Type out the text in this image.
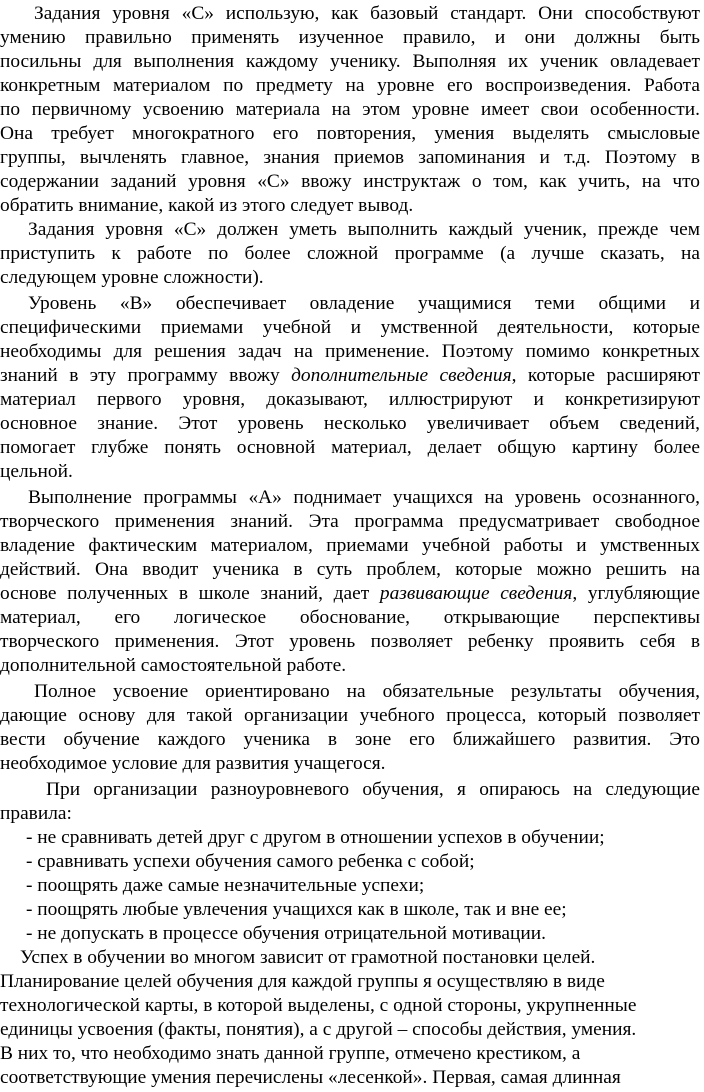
Задания уровня «С» использую, как базовый стандарт. Они способствуют
умению правильно применять изученное правило, и они должны быть
посильны для выполнения каждому ученику. Выполняя их ученик овладевает
конкретным материалом по предмету на уровне его воспроизведения. Работа
по первичному усвоению материала на этом уровне имеет свои особенности.
Она требует многократного его повторения, умения выделять смысловые
группы, вычленять главное, знания приемов запоминания и т.д. Поэтому в
содержании заданий уровня «С» ввожу инструктаж о том, как учить, на что
обратить внимание, какой из этого следует вывод.
Задания уровня «С» должен уметь выполнить каждый ученик, прежде чем
приступить к работе по более сложной программе (а лучше сказать, на
следующем уровне сложности).
Уровень «В» обеспечивает овладение учащимися теми общими и
специфическими приемами учебной и умственной деятельности, которые
необходимы для решения задач на применение. Поэтому помимо конкретных
знаний в эту программу ввожу дополнительные сведения, которые расширяют
материал первого уровня, доказывают, иллюстрируют и конкретизируют
основное знание. Этот уровень несколько увеличивает объем сведений,
помогает глубже понять основной материал, делает общую картину более
цельной.
Выполнение программы «А» поднимает учащихся на уровень осознанного,
творческого применения знаний. Эта программа предусматривает свободное
владение фактическим материалом, приемами учебной работы и умственных
действий. Она вводит ученика в суть проблем, которые можно решить на
основе полученных в школе знаний, дает развивающие сведения, углубляющие
материал, его логическое обоснование, открывающие перспективы
творческого применения. Этот уровень позволяет ребенку проявить себя в
дополнительной самостоятельной работе.
Полное усвоение ориентировано на обязательные результаты обучения,
дающие основу для такой организации учебного процесса, который позволяет
вести обучение каждого ученика в зоне его ближайшего развития. Это
необходимое условие для развития учащегося.
При организации разноуровневого обучения, я опираюсь на следующие
правила:
- не сравнивать детей друг с другом в отношении успехов в обучении;
- сравнивать успехи обучения самого ребенка с собой;
- поощрять даже самые незначительные успехи;
- поощрять любые увлечения учащихся как в школе, так и вне ее;
- не допускать в процессе обучения отрицательной мотивации.
Успех в обучении во многом зависит от грамотной постановки целей.
Планирование целей обучения для каждой группы я осуществляю в виде
технологической карты, в которой выделены, с одной стороны, укрупненные
единицы усвоения (факты, понятия), а с другой – способы действия, умения.
В них то, что необходимо знать данной группе, отмечено крестиком, а
соответствующие умения перечислены «лесенкой». Первая, самая длинная
